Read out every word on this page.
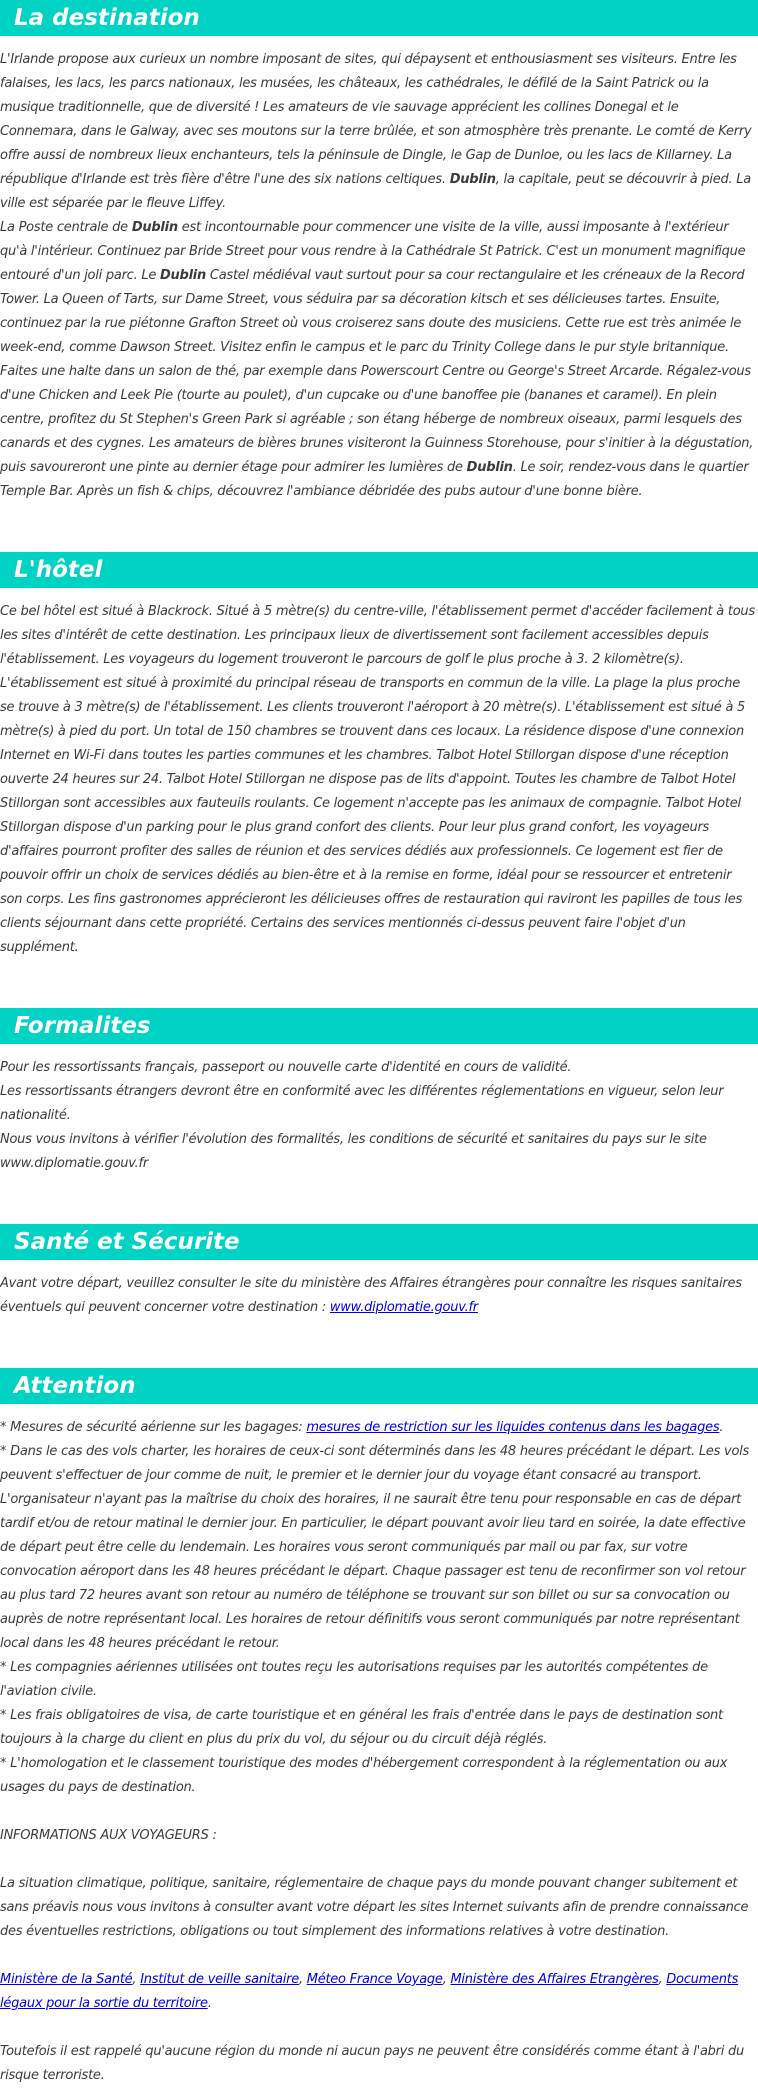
La destination

L'Irlande propose aux curieux un nombre imposant de sites, qui dépaysent et enthousiasment ses visiteurs. Entre les falaises, les lacs, les parcs nationaux, les musées, les châteaux, les cathédrales, le défilé de la Saint Patrick ou la musique traditionnelle, que de diversité ! Les amateurs de vie sauvage apprécient les collines Donegal et le Connemara, dans le Galway, avec ses moutons sur la terre brûlée, et son atmosphère très prenante. Le comté de Kerry offre aussi de nombreux lieux enchanteurs, tels la péninsule de Dingle, le Gap de Dunloe, ou les lacs de Killarney. La république d'Irlande est très fière d'être l'une des six nations celtiques. Dublin, la capitale, peut se découvrir à pied. La ville est séparée par le fleuve Liffey.

La Poste centrale de Dublin est incontournable pour commencer une visite de la ville, aussi imposante à l'extérieur qu'à l'intérieur. Continuez par Bride Street pour vous rendre à la Cathédrale St Patrick. C'est un monument magnifique entouré d'un joli parc. Le Dublin Castel médiéval vaut surtout pour sa cour rectangulaire et les créneaux de la Record Tower. La Queen of Tarts, sur Dame Street, vous séduira par sa décoration kitsch et ses délicieuses tartes. Ensuite, continuez par la rue piétonne Grafton Street où vous croiserez sans doute des musiciens. Cette rue est très animée le week-end, comme Dawson Street. Visitez enfin le campus et le parc du Trinity College dans le pur style britannique. Faites une halte dans un salon de thé, par exemple dans Powerscourt Centre ou George's Street Arcarde. Régalez-vous d'une Chicken and Leek Pie (tourte au poulet), d'un cupcake ou d'une banoffee pie (bananes et caramel). En plein centre, profitez du St Stephen's Green Park si agréable ; son étang héberge de nombreux oiseaux, parmi lesquels des canards et des cygnes. Les amateurs de bières brunes visiteront la Guinness Storehouse, pour s'initier à la dégustation, puis savoureront une pinte au dernier étage pour admirer les lumières de Dublin. Le soir, rendez-vous dans le quartier Temple Bar. Après un fish & chips, découvrez l'ambiance débridée des pubs autour d'une bonne bière.

L'hôtel

Ce bel hôtel est situé à Blackrock. Situé à 5 mètre(s) du centre-ville, l'établissement permet d'accéder facilement à tous les sites d'intérêt de cette destination. Les principaux lieux de divertissement sont facilement accessibles depuis l'établissement. Les voyageurs du logement trouveront le parcours de golf le plus proche à 3. 2 kilomètre(s). L'établissement est situé à proximité du principal réseau de transports en commun de la ville. La plage la plus proche se trouve à 3 mètre(s) de l'établissement. Les clients trouveront l'aéroport à 20 mètre(s). L'établissement est situé à 5 mètre(s) à pied du port. Un total de 150 chambres se trouvent dans ces locaux. La résidence dispose d'une connexion Internet en Wi-Fi dans toutes les parties communes et les chambres. Talbot Hotel Stillorgan dispose d'une réception ouverte 24 heures sur 24. Talbot Hotel Stillorgan ne dispose pas de lits d'appoint. Toutes les chambre de Talbot Hotel Stillorgan sont accessibles aux fauteuils roulants. Ce logement n'accepte pas les animaux de compagnie. Talbot Hotel Stillorgan dispose d'un parking pour le plus grand confort des clients. Pour leur plus grand confort, les voyageurs d'affaires pourront profiter des salles de réunion et des services dédiés aux professionnels. Ce logement est fier de pouvoir offrir un choix de services dédiés au bien-être et à la remise en forme, idéal pour se ressourcer et entretenir son corps. Les fins gastronomes apprécieront les délicieuses offres de restauration qui raviront les papilles de tous les clients séjournant dans cette propriété. Certains des services mentionnés ci-dessus peuvent faire l'objet d'un supplément.

Formalites

Pour les ressortissants français, passeport ou nouvelle carte d'identité en cours de validité.

Les ressortissants étrangers devront être en conformité avec les différentes réglementations en vigueur, selon leur nationalité.

Nous vous invitons à vérifier l'évolution des formalités, les conditions de sécurité et sanitaires du pays sur le site www.diplomatie.gouv.fr

Santé et Sécurite

Avant votre départ, veuillez consulter le site du ministère des Affaires étrangères pour connaître les risques sanitaires éventuels qui peuvent concerner votre destination : www.diplomatie.gouv.fr

Attention

* Mesures de sécurité aérienne sur les bagages: mesures de restriction sur les liquides contenus dans les bagages.

* Dans le cas des vols charter, les horaires de ceux-ci sont déterminés dans les 48 heures précédant le départ. Les vols peuvent s'effectuer de jour comme de nuit, le premier et le dernier jour du voyage étant consacré au transport. L'organisateur n'ayant pas la maîtrise du choix des horaires, il ne saurait être tenu pour responsable en cas de départ tardif et/ou de retour matinal le dernier jour. En particulier, le départ pouvant avoir lieu tard en soirée, la date effective de départ peut être celle du lendemain. Les horaires vous seront communiqués par mail ou par fax, sur votre convocation aéroport dans les 48 heures précédant le départ. Chaque passager est tenu de reconfirmer son vol retour au plus tard 72 heures avant son retour au numéro de téléphone se trouvant sur son billet ou sur sa convocation ou auprès de notre représentant local. Les horaires de retour définitifs vous seront communiqués par notre représentant local dans les 48 heures précédant le retour.

* Les compagnies aériennes utilisées ont toutes reçu les autorisations requises par les autorités compétentes de l'aviation civile.

* Les frais obligatoires de visa, de carte touristique et en général les frais d'entrée dans le pays de destination sont toujours à la charge du client en plus du prix du vol, du séjour ou du circuit déjà réglés.

* L'homologation et le classement touristique des modes d'hébergement correspondent à la réglementation ou aux usages du pays de destination.

INFORMATIONS AUX VOYAGEURS :

La situation climatique, politique, sanitaire, réglementaire de chaque pays du monde pouvant changer subitement et sans préavis nous vous invitons à consulter avant votre départ les sites Internet suivants afin de prendre connaissance des éventuelles restrictions, obligations ou tout simplement des informations relatives à votre destination.

Ministère de la Santé, Institut de veille sanitaire, Méteo France Voyage, Ministère des Affaires Etrangères, Documents légaux pour la sortie du territoire.

Toutefois il est rappelé qu'aucune région du monde ni aucun pays ne peuvent être considérés comme étant à l'abri du risque terroriste.
